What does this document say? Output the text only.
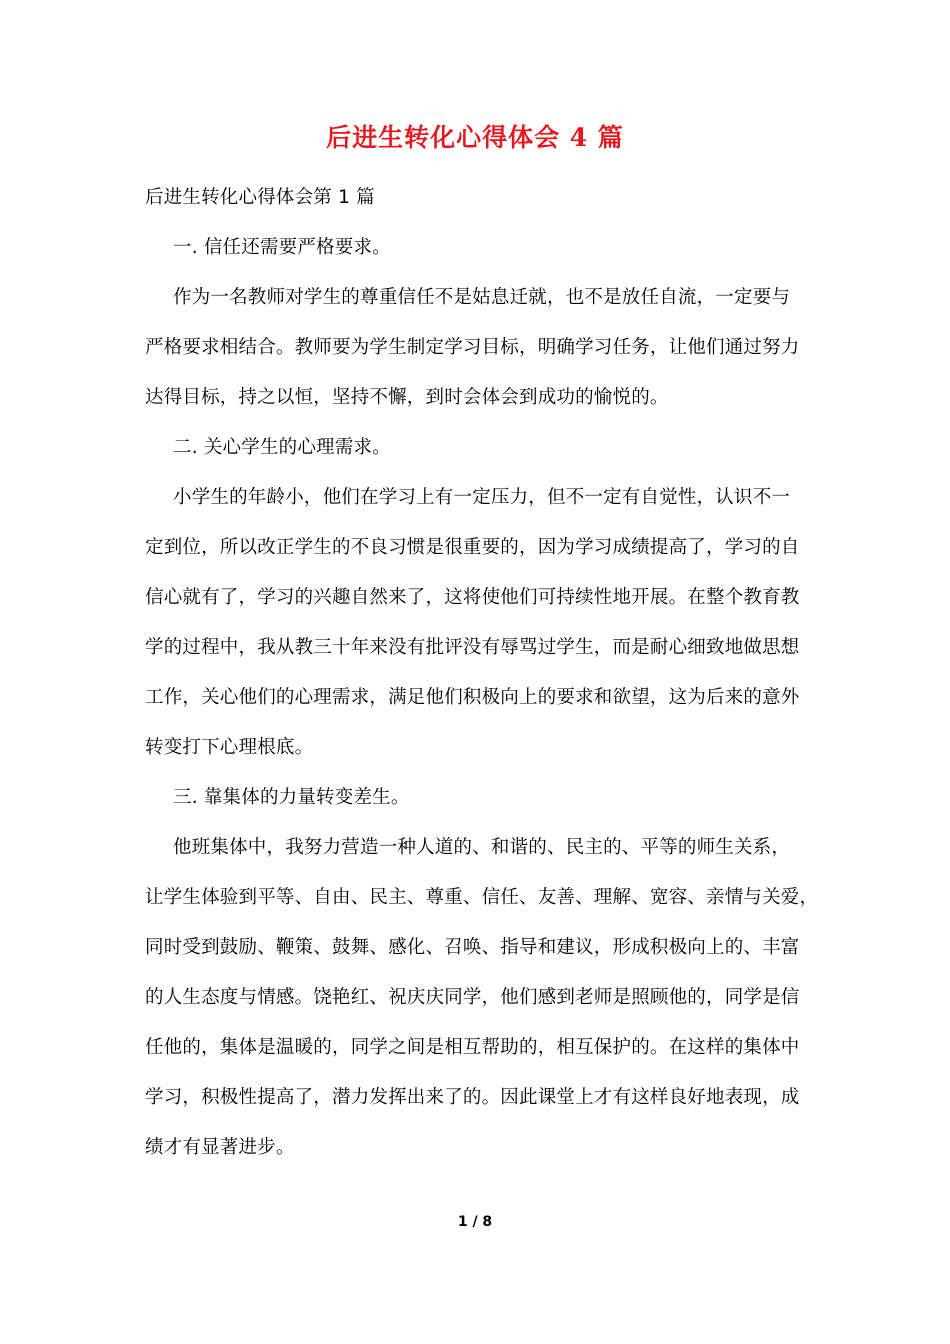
后进生转化心得体会 4 篇
后进生转化心得体会第 1 篇
一. 信任还需要严格要求。
作为一名教师对学生的尊重信任不是姑息迁就，也不是放任自流，一定要与
严格要求相结合。教师要为学生制定学习目标，明确学习任务，让他们通过努力
达得目标，持之以恒，坚持不懈，到时会体会到成功的愉悦的。
二. 关心学生的心理需求。
小学生的年龄小，他们在学习上有一定压力，但不一定有自觉性，认识不一
定到位，所以改正学生的不良习惯是很重要的，因为学习成绩提高了，学习的自
信心就有了，学习的兴趣自然来了，这将使他们可持续性地开展。在整个教育教
学的过程中，我从教三十年来没有批评没有辱骂过学生，而是耐心细致地做思想
工作，关心他们的心理需求，满足他们积极向上的要求和欲望，这为后来的意外
转变打下心理根底。
三. 靠集体的力量转变差生。
他班集体中，我努力营造一种人道的、和谐的、民主的、平等的师生关系，
让学生体验到平等、自由、民主、尊重、信任、友善、理解、宽容、亲情与关爱，
同时受到鼓励、鞭策、鼓舞、感化、召唤、指导和建议，形成积极向上的、丰富
的人生态度与情感。饶艳红、祝庆庆同学，他们感到老师是照顾他的，同学是信
任他的，集体是温暖的，同学之间是相互帮助的，相互保护的。在这样的集体中
学习，积极性提高了，潜力发挥出来了的。因此课堂上才有这样良好地表现，成
绩才有显著进步。
1 / 8
